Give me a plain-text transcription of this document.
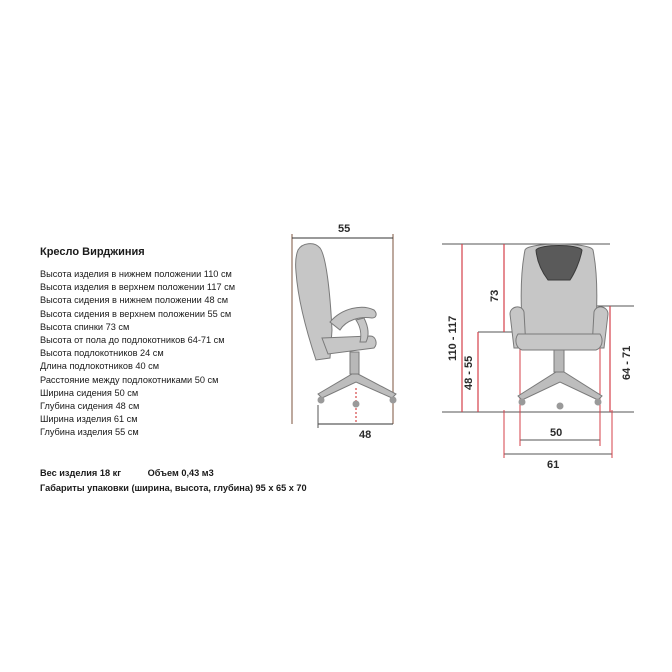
Кресло Вирджиния
Высота изделия в нижнем положении 110 см
Высота изделия в верхнем положении 117 см
Высота сидения в нижнем положении 48 см
Высота сидения в верхнем положении 55 см
Высота спинки 73 см
Высота от пола до подлокотников 64-71 см
Высота подлокотников 24 см
Длина подлокотников 40 см
Расстояние между подлокотниками 50 см
Ширина сидения 50 см
Глубина сидения 48 см
Ширина изделия 61 см
Глубина изделия 55 см
Вес изделия 18 кг	Объем 0,43 м3
Габариты упаковки (ширина, высота, глубина) 95 x 65 x 70
55
48
110 - 117
73
48 - 55	64 - 71
50
61
